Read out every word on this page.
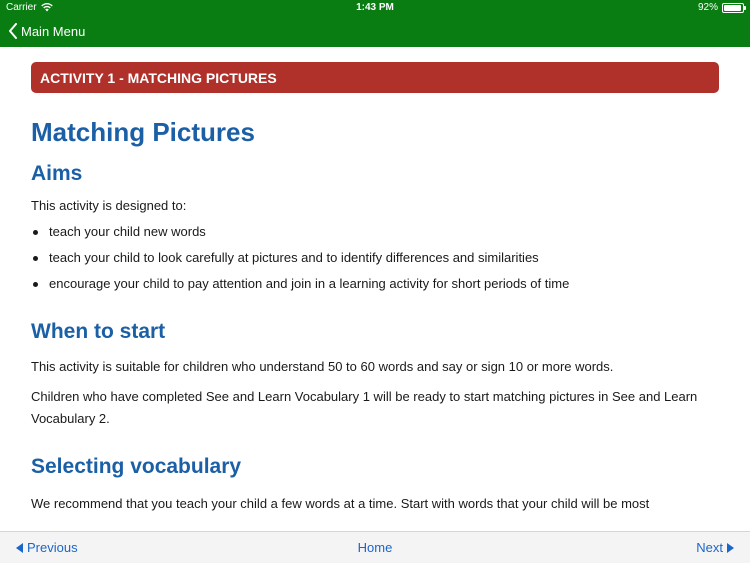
Carrier	1:43 PM	92%
Main Menu
ACTIVITY 1 - MATCHING PICTURES
Matching Pictures
Aims

This activity is designed to:

teach your child new words
teach your child to look carefully at pictures and to identify differences and similarities
encourage your child to pay attention and join in a learning activity for short periods of time
When to start

This activity is suitable for children who understand 50 to 60 words and say or sign 10 or more words.

Children who have completed See and Learn Vocabulary 1 will be ready to start matching pictures in See and Learn Vocabulary 2.

Selecting vocabulary

We recommend that you teach your child a few words at a time. Start with words that your child will be most

Previous	Home	Next
